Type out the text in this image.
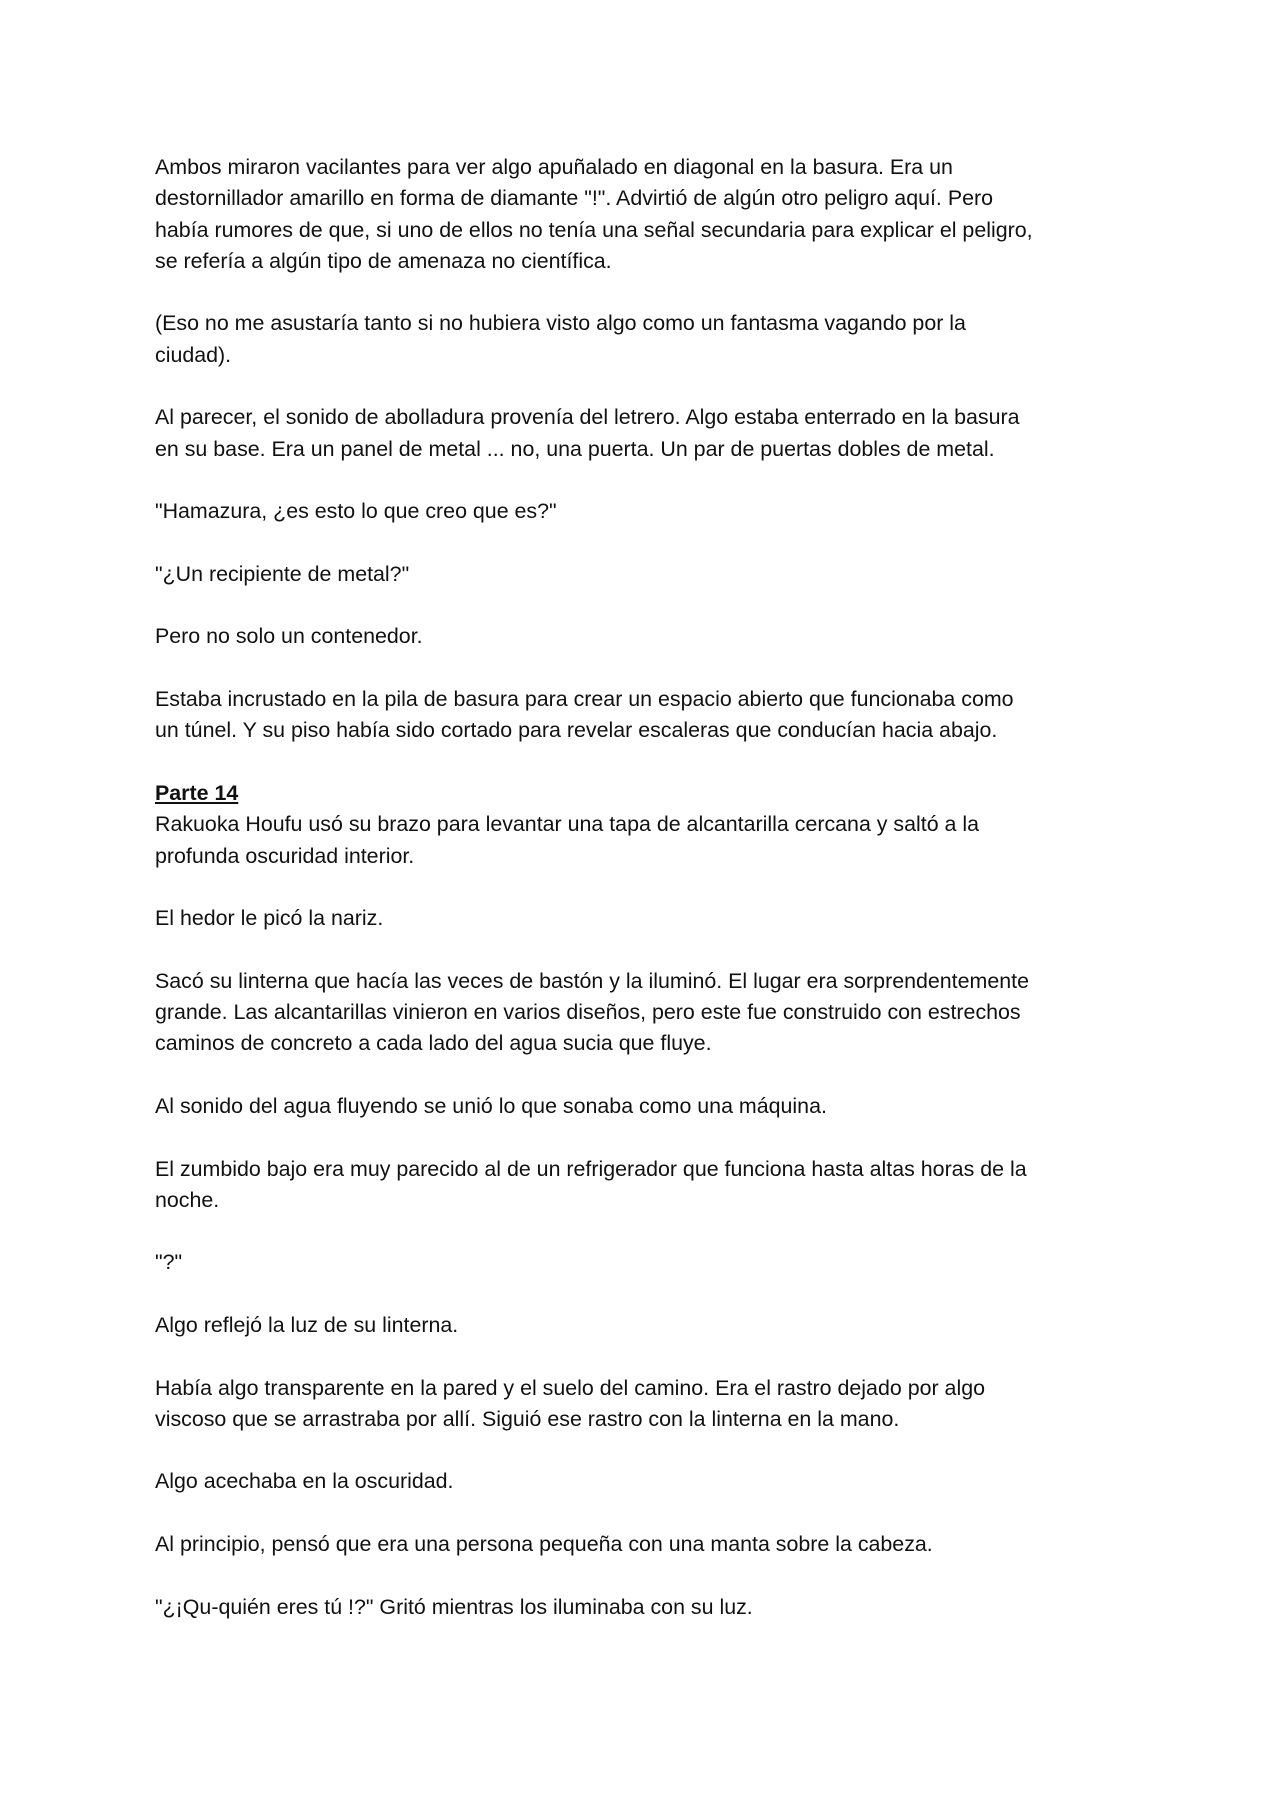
Ambos miraron vacilantes para ver algo apuñalado en diagonal en la basura. Era un
destornillador amarillo en forma de diamante "!". Advirtió de algún otro peligro aquí. Pero
había rumores de que, si uno de ellos no tenía una señal secundaria para explicar el peligro,
se refería a algún tipo de amenaza no científica.
(Eso no me asustaría tanto si no hubiera visto algo como un fantasma vagando por la
ciudad).
Al parecer, el sonido de abolladura provenía del letrero. Algo estaba enterrado en la basura
en su base. Era un panel de metal ... no, una puerta. Un par de puertas dobles de metal.
"Hamazura, ¿es esto lo que creo que es?"
"¿Un recipiente de metal?"
Pero no solo un contenedor.
Estaba incrustado en la pila de basura para crear un espacio abierto que funcionaba como
un túnel. Y su piso había sido cortado para revelar escaleras que conducían hacia abajo.
Parte 14
Rakuoka Houfu usó su brazo para levantar una tapa de alcantarilla cercana y saltó a la
profunda oscuridad interior.
El hedor le picó la nariz.
Sacó su linterna que hacía las veces de bastón y la iluminó. El lugar era sorprendentemente
grande. Las alcantarillas vinieron en varios diseños, pero este fue construido con estrechos
caminos de concreto a cada lado del agua sucia que fluye.
Al sonido del agua fluyendo se unió lo que sonaba como una máquina.
El zumbido bajo era muy parecido al de un refrigerador que funciona hasta altas horas de la
noche.
"?"
Algo reflejó la luz de su linterna.
Había algo transparente en la pared y el suelo del camino. Era el rastro dejado por algo
viscoso que se arrastraba por allí. Siguió ese rastro con la linterna en la mano.
Algo acechaba en la oscuridad.
Al principio, pensó que era una persona pequeña con una manta sobre la cabeza.
"¿¡Qu-quién eres tú !?" Gritó mientras los iluminaba con su luz.
